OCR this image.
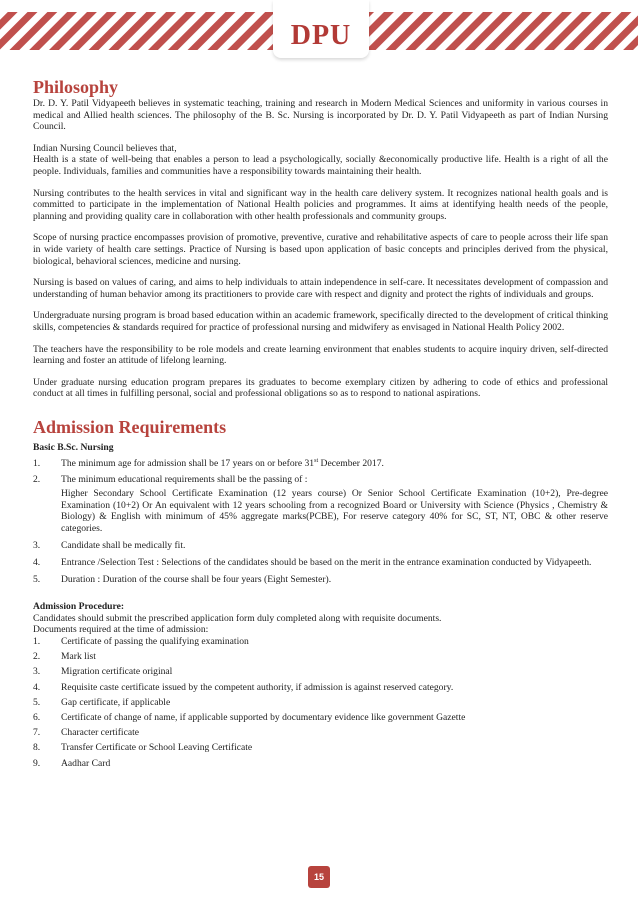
DPU
Philosophy
Dr. D. Y. Patil Vidyapeeth believes in systematic teaching, training and research in Modern Medical Sciences and uniformity in various courses in medical and Allied health sciences. The philosophy of the B. Sc. Nursing is incorporated by Dr. D. Y. Patil Vidyapeeth as part of Indian Nursing Council.
Indian Nursing Council believes that,
Health is a state of well-being that enables a person to lead a psychologically, socially &economically productive life. Health is a right of all the people. Individuals, families and communities have a responsibility towards maintaining their health.
Nursing contributes to the health services in vital and significant way in the health care delivery system. It recognizes national health goals and is committed to participate in the implementation of National Health policies and programmes. It aims at identifying health needs of the people, planning and providing quality care in collaboration with other health professionals and community groups.
Scope of nursing practice encompasses provision of promotive, preventive, curative and rehabilitative aspects of care to people across their life span in wide variety of health care settings. Practice of Nursing is based upon application of basic concepts and principles derived from the physical, biological, behavioral sciences, medicine and nursing.
Nursing is based on values of caring, and aims to help individuals to attain independence in self-care. It necessitates development of compassion and understanding of human behavior among its practitioners to provide care with respect and dignity and protect the rights of individuals and groups.
Undergraduate nursing program is broad based education within an academic framework, specifically directed to the development of critical thinking skills, competencies & standards required for practice of professional nursing and midwifery as envisaged in National Health Policy 2002.
The teachers have the responsibility to be role models and create learning environment that enables students to acquire inquiry driven, self-directed learning and foster an attitude of lifelong learning.
Under graduate nursing education program prepares its graduates to become exemplary citizen by adhering to code of ethics and professional conduct at all times in fulfilling personal, social and professional obligations so as to respond to national aspirations.
Admission Requirements
Basic B.Sc. Nursing
1.	The minimum age for admission shall be 17 years on or before 31st December 2017.
2.	The minimum educational requirements shall be the passing of :
Higher Secondary School Certificate Examination (12 years course) Or Senior School Certificate Examination (10+2), Pre-degree Examination (10+2) Or An equivalent with 12 years schooling from a recognized Board or University with Science (Physics , Chemistry & Biology) & English with minimum of 45% aggregate marks(PCBE), For reserve category 40% for SC, ST, NT, OBC & other reserve categories.
3.	Candidate shall be medically fit.
4.	Entrance /Selection Test : Selections of the candidates should be based on the merit in the entrance examination conducted by Vidyapeeth.
5.	Duration : Duration of the course shall be four years (Eight Semester).
Admission Procedure:
Candidates should submit the prescribed application form duly completed along with requisite documents.
Documents required at the time of admission:
1.	Certificate of passing the qualifying examination
2.	Mark list
3.	Migration certificate original
4.	Requisite caste certificate issued by the competent authority, if admission is against reserved category.
5.	Gap certificate, if applicable
6.	Certificate of change of name, if applicable supported by documentary evidence like government Gazette
7.	Character certificate
8.	Transfer Certificate or School Leaving Certificate
9.	Aadhar Card
15
